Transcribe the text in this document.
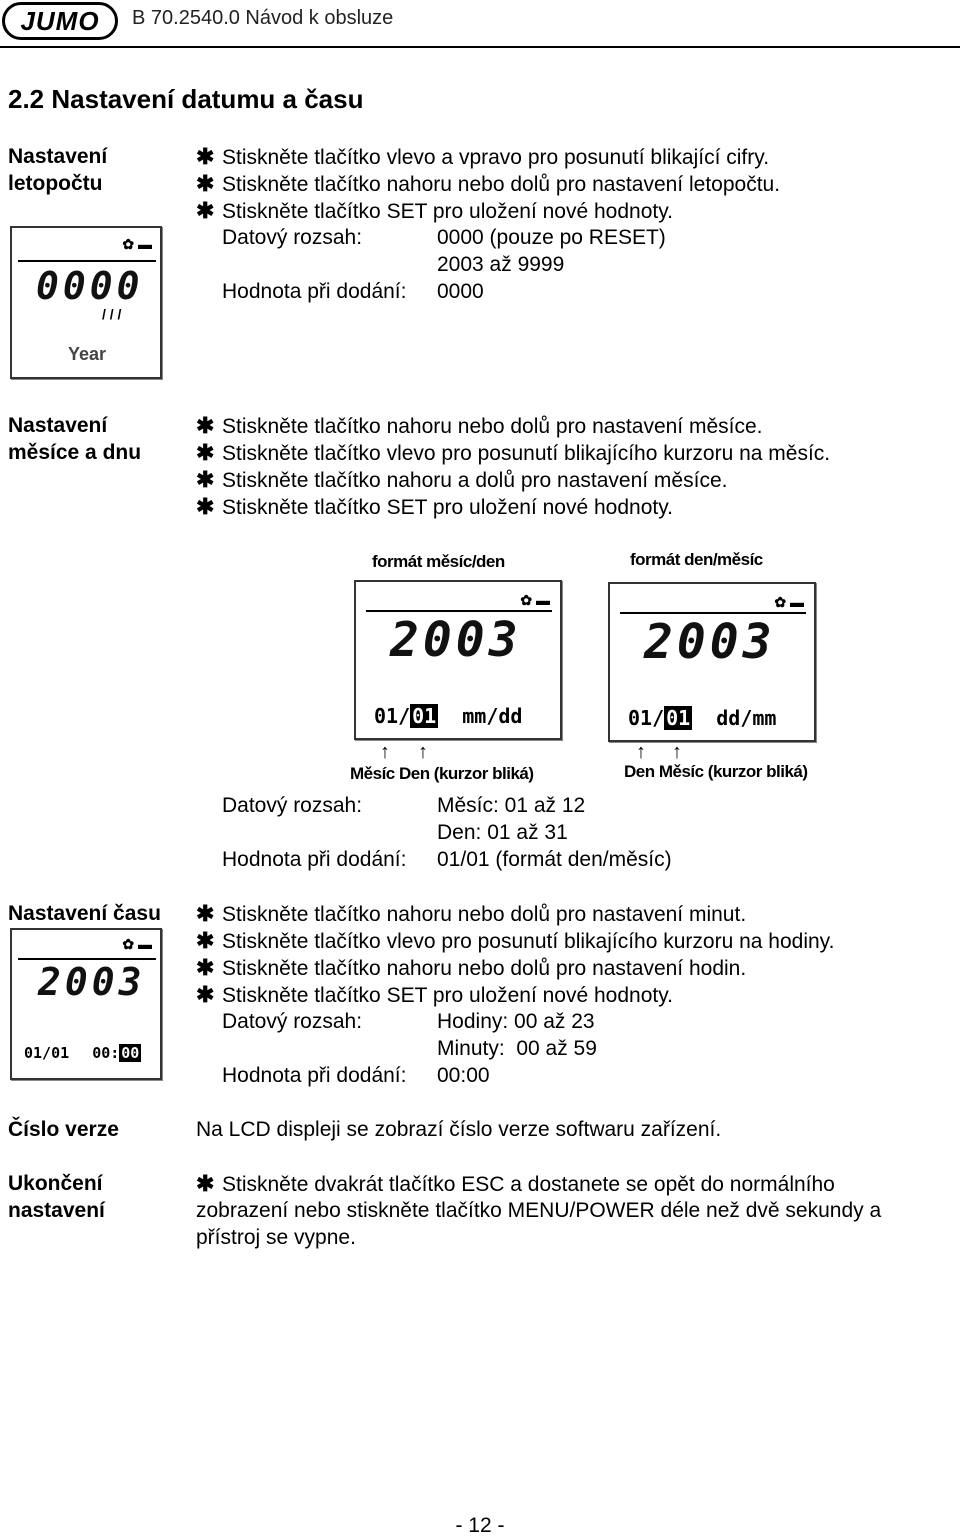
JUMO B 70.2540.0 Návod k obsluze
2.2 Nastavení datumu a času
Nastavení
letopočtu
✱ Stiskněte tlačítko vlevo a vpravo pro posunutí blikající cifry.
✱ Stiskněte tlačítko nahoru nebo dolů pro nastavení letopočtu.
✱ Stiskněte tlačítko SET pro uložení nové hodnoty.
Datový rozsah:	0000 (pouze po RESET)
2003 až 9999
Hodnota při dodání: 0000
✿ ▬
0000
/ / /
Year
Nastavení
měsíce a dnu
✱ Stiskněte tlačítko nahoru nebo dolů pro nastavení měsíce.
✱ Stiskněte tlačítko vlevo pro posunutí blikajícího kurzoru na měsíc.
✱ Stiskněte tlačítko nahoru a dolů pro nastavení měsíce.
✱ Stiskněte tlačítko SET pro uložení nové hodnoty.
formát měsíc/den
✿ ▬
2003
01/ 01 mm/dd
↑ ↑
Měsíc Den (kurzor bliká)
formát den/měsíc
✿ ▬
2003
01/ 01 dd/mm
↑ ↑
Den Měsíc (kurzor bliká)
Datový rozsah:	Měsíc: 01 až 12
Den: 01 až 31
Hodnota při dodání: 01/01 (formát den/měsíc)
Nastavení času ✱ Stiskněte tlačítko nahoru nebo dolů pro nastavení minut.
✱ Stiskněte tlačítko vlevo pro posunutí blikajícího kurzoru na hodiny.
✱ Stiskněte tlačítko nahoru nebo dolů pro nastavení hodin.
✱ Stiskněte tlačítko SET pro uložení nové hodnoty.
Datový rozsah:	Hodiny: 00 až 23
Minuty:  00 až 59
Hodnota při dodání: 00:00
✿ ▬
2003
01/01 00: 00
Číslo verze	Na LCD displeji se zobrazí číslo verze softwaru zařízení.
Ukončení
nastavení
✱ Stiskněte dvakrát tlačítko ESC a dostanete se opět do normálního
zobrazení nebo stiskněte tlačítko MENU/POWER déle než dvě sekundy a
přístroj se vypne.
- 12 -
